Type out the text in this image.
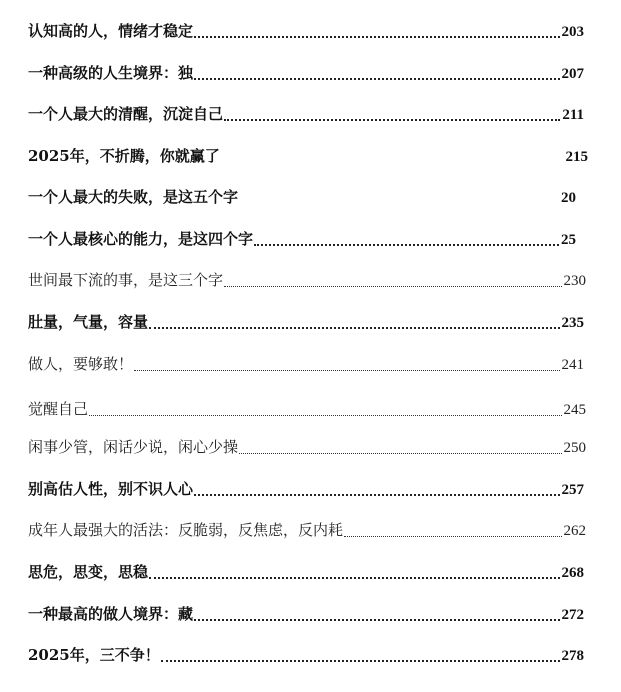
认知高的人，情绪才稳定	203
一种高级的人生境界：独	207
一个人最大的清醒，沉淀自己	211
2025年，不折腾，你就赢了	215
一个人最大的失败，是这五个字	20
一个人最核心的能力，是这四个字	25
世间最下流的事，是这三个字	230
肚量，气量，容量	235
做人，要够敢！	241
觉醒自己	245
闲事少管，闲话少说，闲心少操	250
别高估人性，别不识人心	257
成年人最强大的活法：反脆弱，反焦虑，反内耗	262
思危，思变，思稳	268
一种最高的做人境界：藏	272
2025年，三不争！	278
